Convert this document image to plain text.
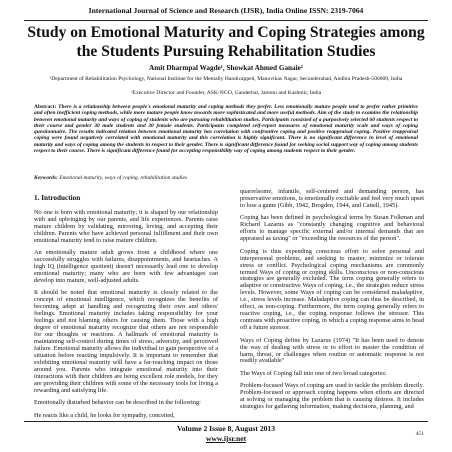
International Journal of Science and Research (IJSR), India Online ISSN: 2319-7064
Study on Emotional Maturity and Coping Strategies among the Students Pursuing Rehabilitation Studies
Amit Dharmpal Wagde¹, Showkat Ahmed Ganaie²
¹Department of Rehabilitation Psychology, National Institute for the Mentally Handicapped, Manovikas Nagar, Secunderabad, Andhra Pradesh-500009, India
²Executive Director and Founder, ASK-NGO, Ganderbal, Jammu and Kashmir, India
Abstract: There is a relationship between people's emotional maturity and coping methods they prefer. Less emotionally mature people tend to prefer rather primitive and often inefficient coping methods, while more mature people know towards more sophisticated and more useful methods. Aim of the study to examine the relationship between emotional maturity and ways of coping of students who are pursuing rehabilitation studies. Participants consisted of a purposively selected 60 students respect to their course and gender 30 male students and 30 female students. Participants completed self-report measures of emotional maturity scale and ways of coping questionnaire. The results indicated relation between emotional maturity has correlation with confrontive coping and positive reappraisal coping. Positive reappraisal coping were found negatively correlated with emotional maturity and this correlation is highly significant. There is no significant difference in level of emotional maturity and ways of coping among the students in respect to their gender. There is significant difference found for seeking social support way of coping among students respect to their course. There is significant difference found for accepting responsibility way of coping among students respect to their gender.
Keywords: Emotional maturity, ways of coping, rehabilitation studies
1. Introduction

No one is born with emotional maturity; it is shaped by our relationship with and upbringing by our parents, and life experiences. Parents raise mature children by validating, mirroring, loving, and accepting their children. Parents who have achieved personal fulfillment and their own emotional maturity tend to raise mature children.

An emotionally mature adult grows from a childhood where one successfully struggles with failures, disappointments, and heartaches. A high IQ (intelligence quotient) doesn't necessarily lead one to develop emotional maturity; many who are born with few advantages can develop into mature, well-adjusted adults.

It should be noted that emotional maturity is closely related to the concept of emotional intelligence, which recognizes the benefits of becoming adept at handling and recognizing their own and others' feelings. Emotional maturity includes taking responsibility for your feelings and not blaming others for causing them. Those with a high degree of emotional maturity recognize that others are not responsible for our thoughts or reactions. A hallmark of emotional maturity is maintaining self-control during times of stress, adversity, and perceived failure. Emotional maturity allows the individual to gain perspective of a situation before reacting impulsively. It is important to remember that exhibiting emotional maturity will have a far-reaching impact on those around you. Parents who integrate emotional maturity into their interactions with their children are being excellent role models, for they are providing their children with some of the necessary tools for living a rewarding and satisfying life.

Emotionally disturbed behavior can be described in the following:

He reacts like a child, he looks for sympathy, conceited,

quarrelsome, infantile, self-centered and demanding person, has preservative emotions, is emotionally excitable and feel very much upset to lose a game (Gibb, 1942, Brogden, 1944, and Cattell, 1945).

Coping has been defined in psychological terms by Susan Folkman and Richard Lazarus as "constantly changing cognitive and behavioral efforts to manage specific external and/or internal demands that are appraised as taxing" or "exceeding the resources of the person".

Coping is thus expending conscious effort to solve personal and interpersonal problems, and seeking to master, minimize or tolerate stress or conflict. Psychological coping mechanisms are commonly termed Ways of coping or coping skills. Unconscious or non-conscious strategies are generally excluded. The term coping generally refers to adaptive or constructive Ways of coping, i.e., the strategies reduce stress levels. However, some Ways of coping can be considered maladaptive, i.e., stress levels increase. Maladaptive coping can thus be described, in effect, as non-coping. Furthermore, the term coping generally refers to reactive coping, i.e., the coping response follows the stressor. This contrasts with proactive coping, in which a coping response aims to head off a future stressor.

Ways of Coping define by Lazarus (1974) "It has been used to denote the way of dealing with stress or to effort to master the condition of harm, threat, or challenges when routine or automatic response is not readily available"

The Ways of Coping fall into one of two broad categories:

Problem-focused Ways of coping are used to tackle the problem directly. Problem-focused or approach coping happens when efforts are directed at solving or managing the problem that is causing distress. It includes strategies for gathering information, making decisions, planning, and

Volume 2 Issue 8, August 2013
www.ijsr.net	451
